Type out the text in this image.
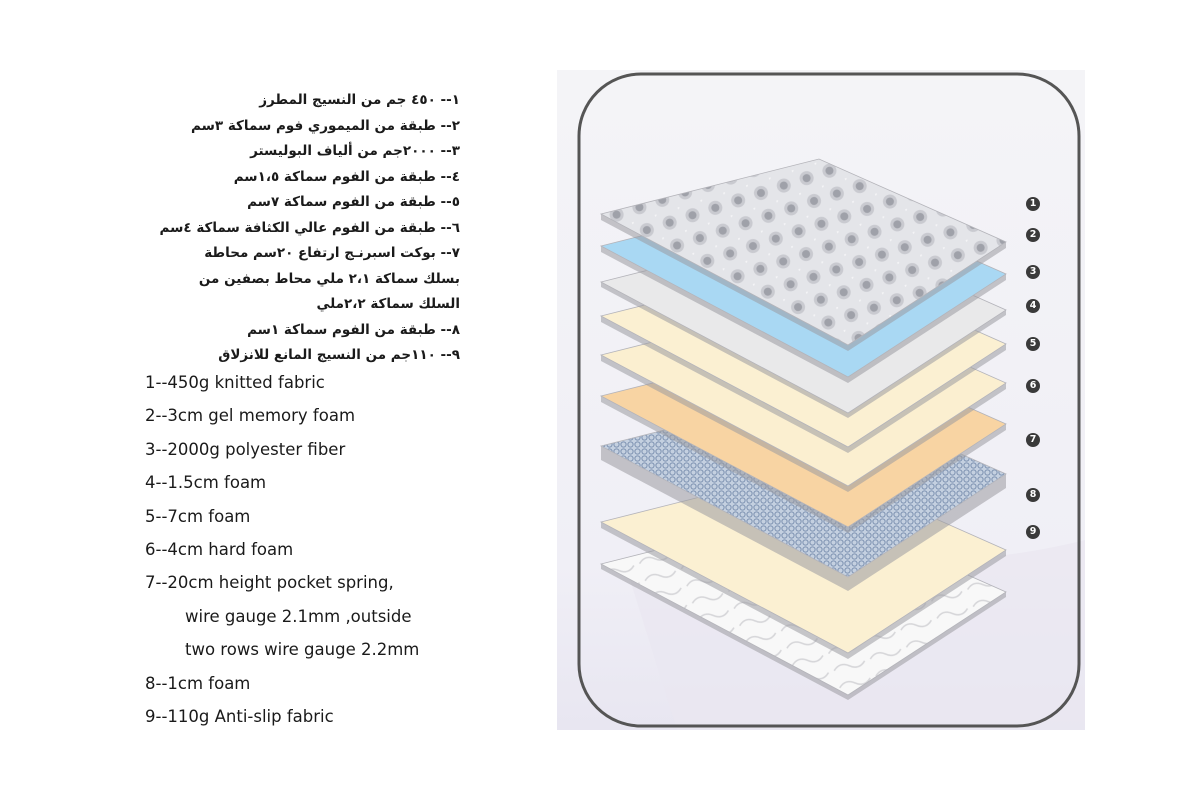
١-- ٤٥٠ جم من النسيج المطرز
٢-- طبقة من الميموري فوم سماكة ٣سم
٣-- ٢٠٠٠جم من ألياف البوليستر
٤-- طبقة من الفوم سماكة ١،٥سم
٥-- طبقة من الفوم سماكة ٧سم
٦-- طبقة من الفوم عالي الكثافة سماكة ٤سم
٧-- بوكت اسبرنـج ارتفاع ٢٠سم محاطة
بسلك سماكة ٢،١ ملي محاط بصفين من
السلك سماكة ٢،٢ملي
٨-- طبقة من الفوم سماكة ١سم
٩-- ١١٠جم من النسيج المانع للانزلاق
1--450g knitted fabric
2--3cm gel memory foam
3--2000g polyester fiber
4--1.5cm foam
5--7cm foam
6--4cm hard foam
7--20cm height pocket spring,
wire gauge 2.1mm ,outside
two rows wire gauge 2.2mm
8--1cm foam
9--110g Anti-slip fabric
1
2
3
4
5
6
7
8
9
